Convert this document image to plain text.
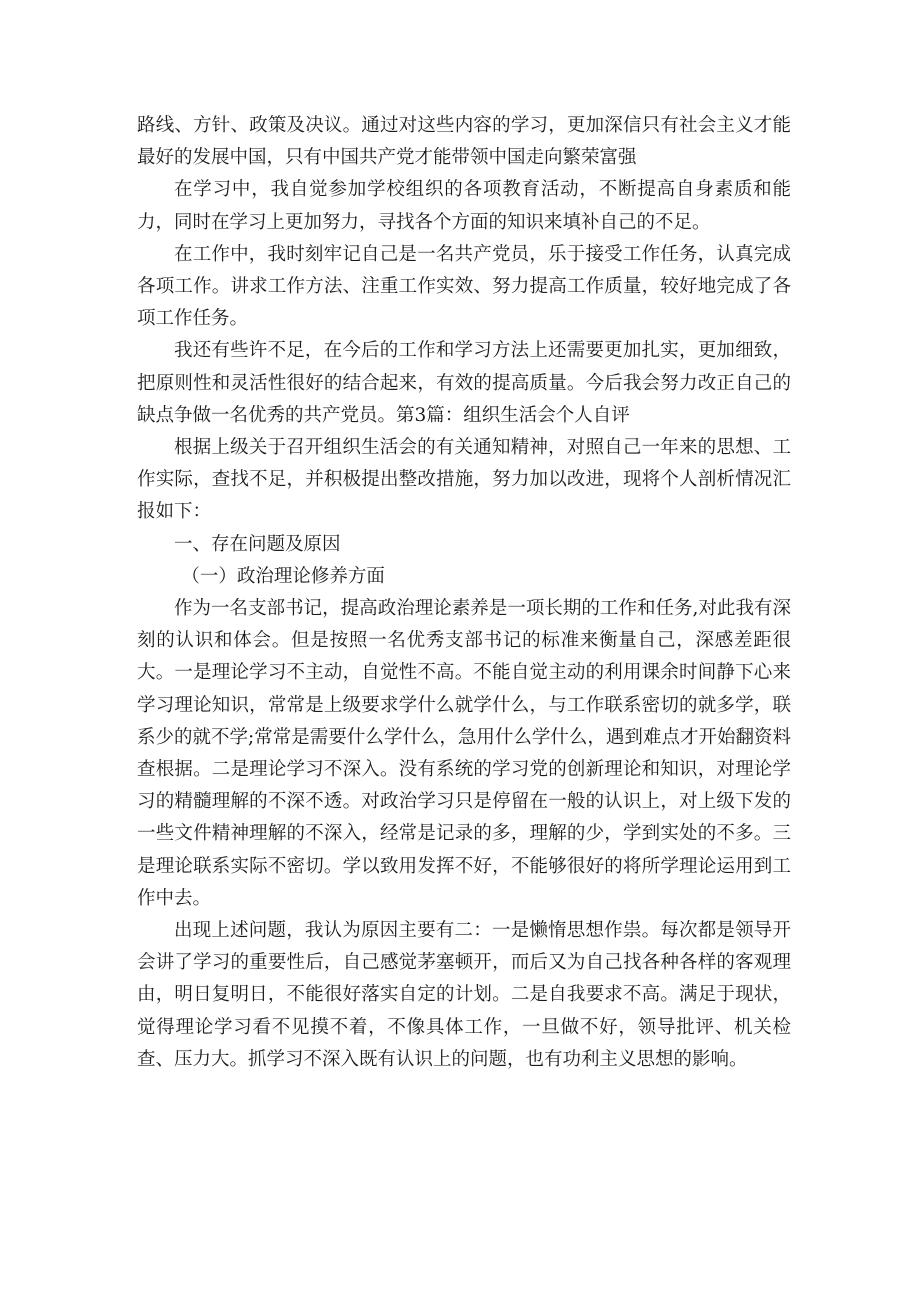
路线、方针、政策及决议。通过对这些内容的学习，更加深信只有社会主义才能最好的发展中国，只有中国共产党才能带领中国走向繁荣富强

在学习中，我自觉参加学校组织的各项教育活动，不断提高自身素质和能力，同时在学习上更加努力，寻找各个方面的知识来填补自己的不足。

在工作中，我时刻牢记自己是一名共产党员，乐于接受工作任务，认真完成各项工作。讲求工作方法、注重工作实效、努力提高工作质量，较好地完成了各项工作任务。

我还有些许不足，在今后的工作和学习方法上还需要更加扎实，更加细致，把原则性和灵活性很好的结合起来，有效的提高质量。今后我会努力改正自己的缺点争做一名优秀的共产党员。第3篇：组织生活会个人自评

根据上级关于召开组织生活会的有关通知精神，对照自己一年来的思想、工作实际，查找不足，并积极提出整改措施，努力加以改进，现将个人剖析情况汇报如下：

一、存在问题及原因

（一）政治理论修养方面

作为一名支部书记，提高政治理论素养是一项长期的工作和任务,对此我有深刻的认识和体会。但是按照一名优秀支部书记的标准来衡量自己，深感差距很大。一是理论学习不主动，自觉性不高。不能自觉主动的利用课余时间静下心来学习理论知识，常常是上级要求学什么就学什么，与工作联系密切的就多学，联系少的就不学;常常是需要什么学什么，急用什么学什么，遇到难点才开始翻资料查根据。二是理论学习不深入。没有系统的学习党的创新理论和知识，对理论学习的精髓理解的不深不透。对政治学习只是停留在一般的认识上，对上级下发的一些文件精神理解的不深入，经常是记录的多，理解的少，学到实处的不多。三是理论联系实际不密切。学以致用发挥不好，不能够很好的将所学理论运用到工作中去。

出现上述问题，我认为原因主要有二：一是懒惰思想作祟。每次都是领导开会讲了学习的重要性后，自己感觉茅塞顿开，而后又为自己找各种各样的客观理由，明日复明日，不能很好落实自定的计划。二是自我要求不高。满足于现状，觉得理论学习看不见摸不着，不像具体工作，一旦做不好，领导批评、机关检查、压力大。抓学习不深入既有认识上的问题，也有功利主义思想的影响。
